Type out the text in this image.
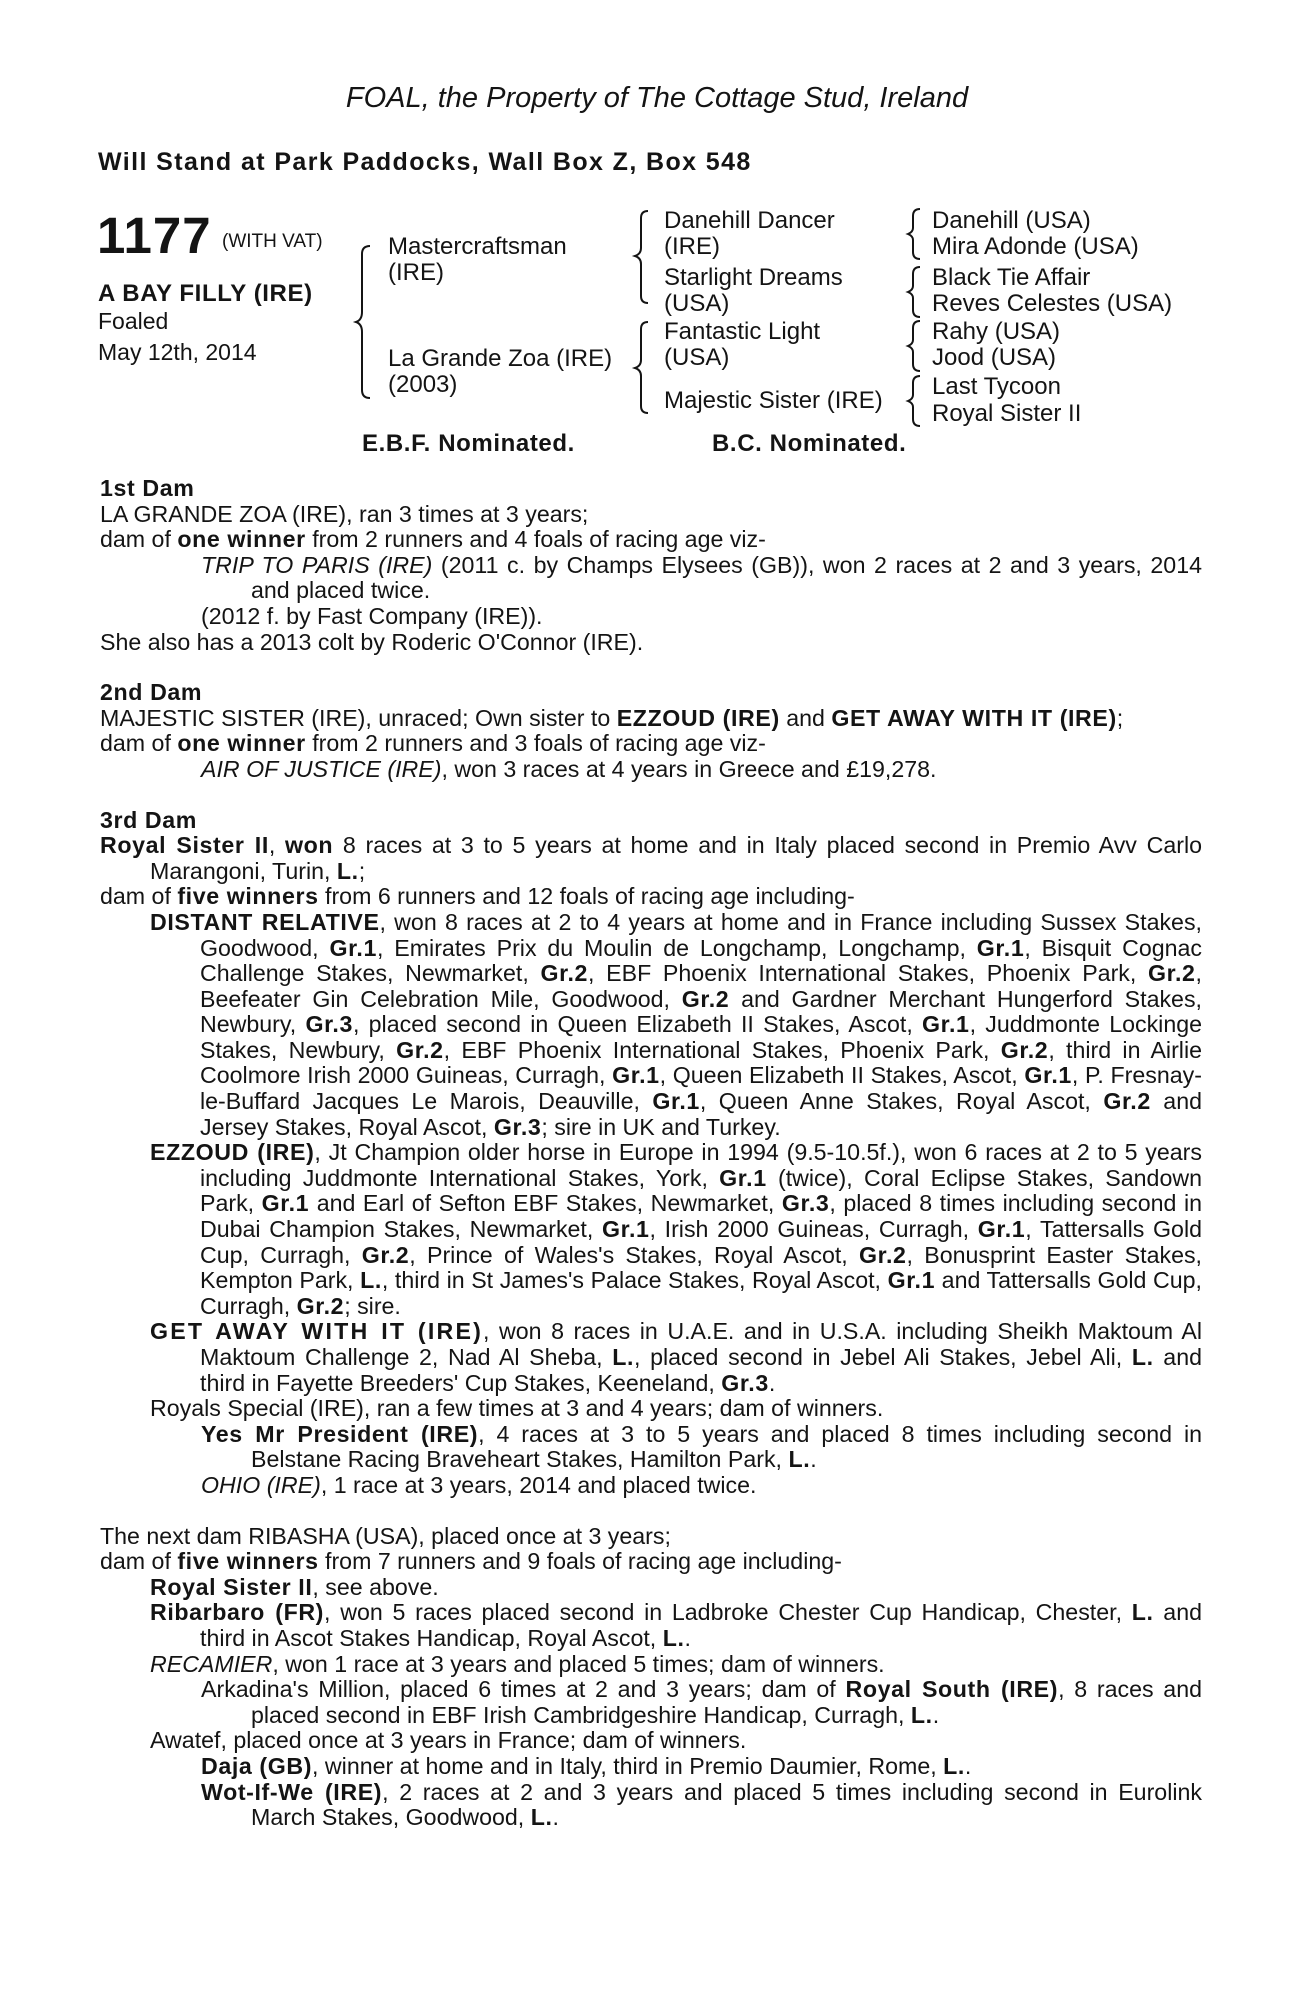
FOAL, the Property of The Cottage Stud, Ireland
Will Stand at Park Paddocks, Wall Box Z, Box 548
1177 (WITH VAT)
A BAY FILLY (IRE)
Foaled
May 12th, 2014
Mastercraftsman (IRE)
La Grande Zoa (IRE) (2003)
Danehill Dancer (IRE)
Starlight Dreams (USA)
Fantastic Light (USA)
Majestic Sister (IRE)
Danehill (USA)
Mira Adonde (USA)
Black Tie Affair
Reves Celestes (USA)
Rahy (USA)
Jood (USA)
Last Tycoon
Royal Sister II
E.B.F. Nominated.	B.C. Nominated.
1st Dam
LA GRANDE ZOA (IRE), ran 3 times at 3 years;
dam of one winner from 2 runners and 4 foals of racing age viz-
TRIP TO PARIS (IRE) (2011 c. by Champs Elysees (GB)), won 2 races at 2 and 3 years, 2014 and placed twice.
(2012 f. by Fast Company (IRE)).
She also has a 2013 colt by Roderic O'Connor (IRE).
2nd Dam
MAJESTIC SISTER (IRE), unraced; Own sister to EZZOUD (IRE) and GET AWAY WITH IT (IRE);
dam of one winner from 2 runners and 3 foals of racing age viz-
AIR OF JUSTICE (IRE), won 3 races at 4 years in Greece and £19,278.
3rd Dam
Royal Sister II, won 8 races at 3 to 5 years at home and in Italy placed second in Premio Avv Carlo Marangoni, Turin, L.;
dam of five winners from 6 runners and 12 foals of racing age including-
DISTANT RELATIVE, won 8 races at 2 to 4 years at home and in France including Sussex Stakes, Goodwood, Gr.1, Emirates Prix du Moulin de Longchamp, Longchamp, Gr.1, Bisquit Cognac Challenge Stakes, Newmarket, Gr.2, EBF Phoenix International Stakes, Phoenix Park, Gr.2, Beefeater Gin Celebration Mile, Goodwood, Gr.2 and Gardner Merchant Hungerford Stakes, Newbury, Gr.3, placed second in Queen Elizabeth II Stakes, Ascot, Gr.1, Juddmonte Lockinge Stakes, Newbury, Gr.2, EBF Phoenix International Stakes, Phoenix Park, Gr.2, third in Airlie Coolmore Irish 2000 Guineas, Curragh, Gr.1, Queen Elizabeth II Stakes, Ascot, Gr.1, P. Fresnay-le-Buffard Jacques Le Marois, Deauville, Gr.1, Queen Anne Stakes, Royal Ascot, Gr.2 and Jersey Stakes, Royal Ascot, Gr.3; sire in UK and Turkey.
EZZOUD (IRE), Jt Champion older horse in Europe in 1994 (9.5-10.5f.), won 6 races at 2 to 5 years including Juddmonte International Stakes, York, Gr.1 (twice), Coral Eclipse Stakes, Sandown Park, Gr.1 and Earl of Sefton EBF Stakes, Newmarket, Gr.3, placed 8 times including second in Dubai Champion Stakes, Newmarket, Gr.1, Irish 2000 Guineas, Curragh, Gr.1, Tattersalls Gold Cup, Curragh, Gr.2, Prince of Wales's Stakes, Royal Ascot, Gr.2, Bonusprint Easter Stakes, Kempton Park, L., third in St James's Palace Stakes, Royal Ascot, Gr.1 and Tattersalls Gold Cup, Curragh, Gr.2; sire.
GET AWAY WITH IT (IRE), won 8 races in U.A.E. and in U.S.A. including Sheikh Maktoum Al Maktoum Challenge 2, Nad Al Sheba, L., placed second in Jebel Ali Stakes, Jebel Ali, L. and third in Fayette Breeders' Cup Stakes, Keeneland, Gr.3.
Royals Special (IRE), ran a few times at 3 and 4 years; dam of winners.
Yes Mr President (IRE), 4 races at 3 to 5 years and placed 8 times including second in Belstane Racing Braveheart Stakes, Hamilton Park, L..
OHIO (IRE), 1 race at 3 years, 2014 and placed twice.
The next dam RIBASHA (USA), placed once at 3 years;
dam of five winners from 7 runners and 9 foals of racing age including-
Royal Sister II, see above.
Ribarbaro (FR), won 5 races placed second in Ladbroke Chester Cup Handicap, Chester, L. and third in Ascot Stakes Handicap, Royal Ascot, L..
RECAMIER, won 1 race at 3 years and placed 5 times; dam of winners.
Arkadina's Million, placed 6 times at 2 and 3 years; dam of Royal South (IRE), 8 races and placed second in EBF Irish Cambridgeshire Handicap, Curragh, L..
Awatef, placed once at 3 years in France; dam of winners.
Daja (GB), winner at home and in Italy, third in Premio Daumier, Rome, L..
Wot-If-We (IRE), 2 races at 2 and 3 years and placed 5 times including second in Eurolink March Stakes, Goodwood, L..
